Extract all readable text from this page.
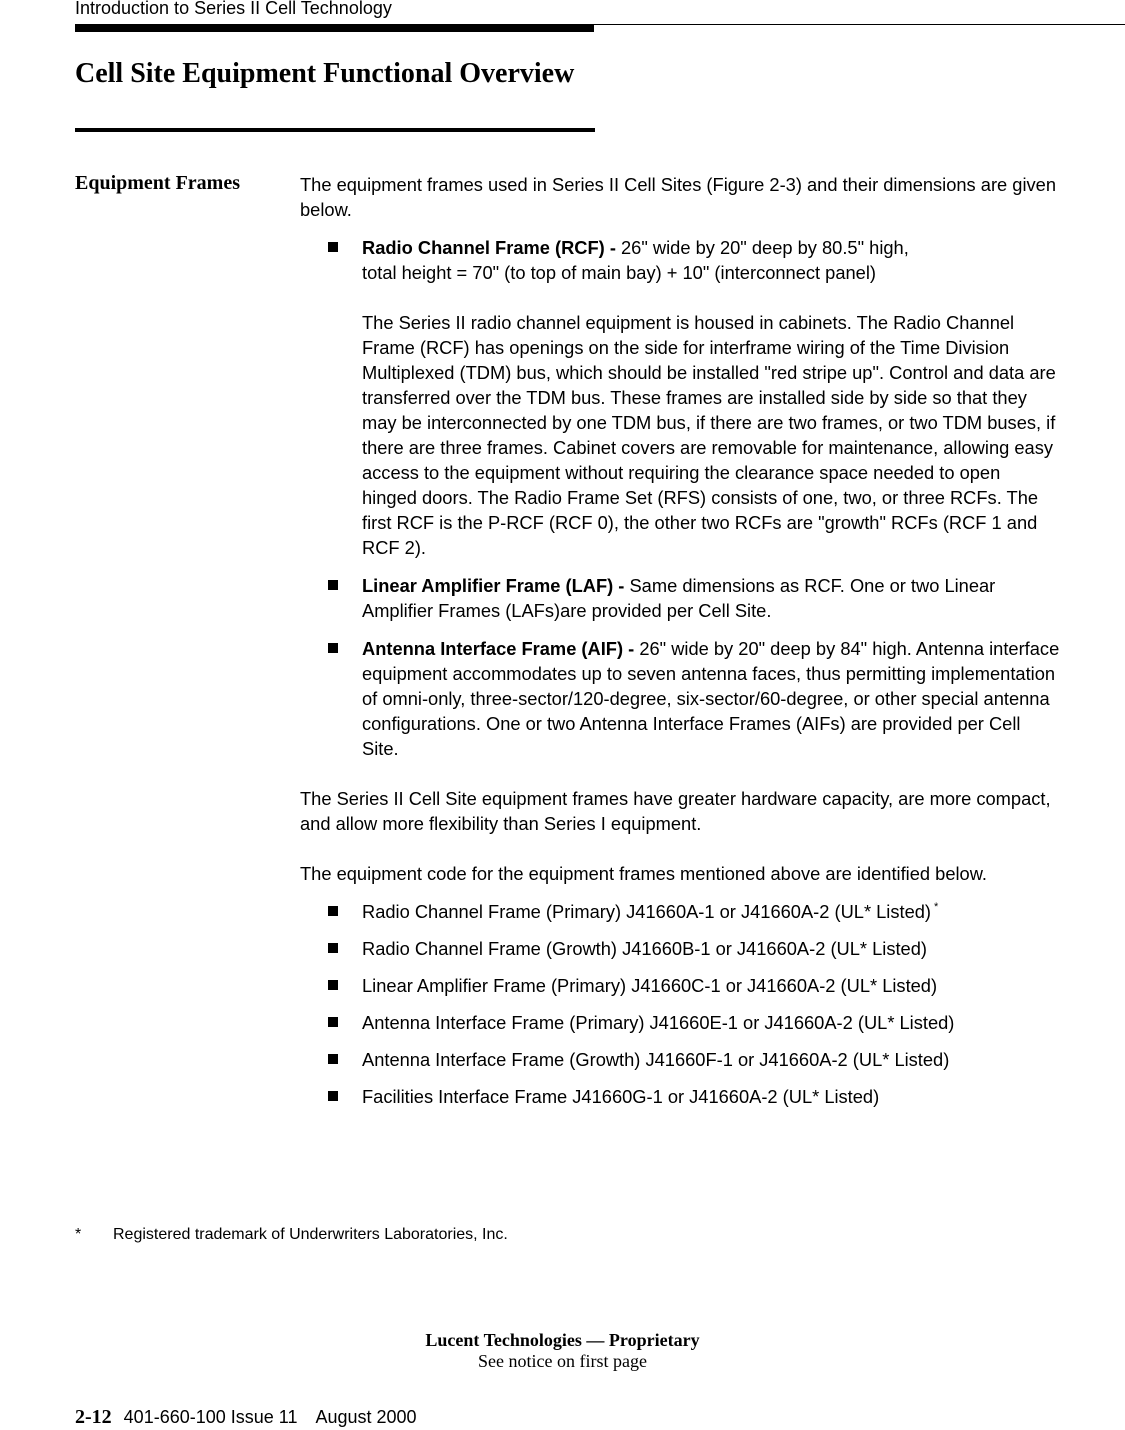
Introduction to Series II Cell Technology
Cell Site Equipment Functional Overview
Equipment Frames	The equipment frames used in Series II Cell Sites (Figure 2-3) and their dimensions are given below.

Radio Channel Frame (RCF) - 26" wide by 20" deep by 80.5" high,
total height = 70" (to top of main bay) + 10" (interconnect panel)

The Series II radio channel equipment is housed in cabinets. The Radio Channel Frame (RCF) has openings on the side for interframe wiring of the Time Division Multiplexed (TDM) bus, which should be installed "red stripe up". Control and data are transferred over the TDM bus. These frames are installed side by side so that they may be interconnected by one TDM bus, if there are two frames, or two TDM buses, if there are three frames. Cabinet covers are removable for maintenance, allowing easy access to the equipment without requiring the clearance space needed to open hinged doors. The Radio Frame Set (RFS) consists of one, two, or three RCFs. The first RCF is the P-RCF (RCF 0), the other two RCFs are "growth" RCFs (RCF 1 and RCF 2).

Linear Amplifier Frame (LAF) - Same dimensions as RCF. One or two Linear Amplifier Frames (LAFs)are provided per Cell Site.
Antenna Interface Frame (AIF) - 26" wide by 20" deep by 84" high. Antenna interface equipment accommodates up to seven antenna faces, thus permitting implementation of omni-only, three-sector/120-degree, six-sector/60-degree, or other special antenna configurations. One or two Antenna Interface Frames (AIFs) are provided per Cell Site.

The Series II Cell Site equipment frames have greater hardware capacity, are more compact, and allow more flexibility than Series I equipment.

The equipment code for the equipment frames mentioned above are identified below.

Radio Channel Frame (Primary) J41660A-1 or J41660A-2 (UL* Listed) *
Radio Channel Frame (Growth) J41660B-1 or J41660A-2 (UL* Listed)
Linear Amplifier Frame (Primary) J41660C-1 or J41660A-2 (UL* Listed)
Antenna Interface Frame (Primary) J41660E-1 or J41660A-2 (UL* Listed)
Antenna Interface Frame (Growth) J41660F-1 or J41660A-2 (UL* Listed)
Facilities Interface Frame J41660G-1 or J41660A-2 (UL* Listed)
* Registered trademark of Underwriters Laboratories, Inc.
Lucent Technologies — Proprietary
See notice on first page
2-12 401-660-100 Issue 11 August 2000
